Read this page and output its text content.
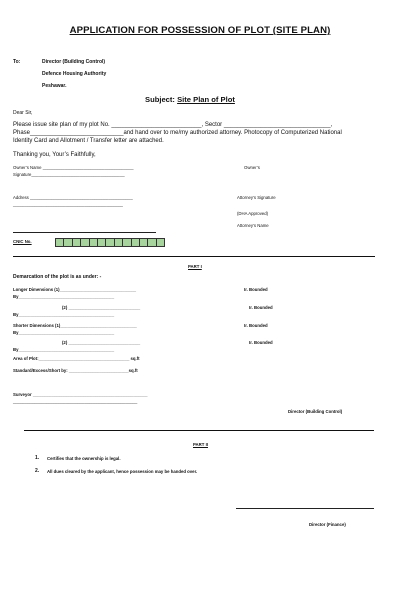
APPLICATION FOR POSSESSION OF PLOT (SITE PLAN)
To:	Director (Building Control)
Defence Housing Authority
Peshawar.
Subject: Site Plan of Plot
Dear Sir,
Please issue site plan of my plot No. ___________________________, Sector ________________________________,
Phase____________________________and hand over to me/my authorized attorney. Photocopy of Computerized National
Identity Card and Allotment / Transfer letter are attached.
Thanking you, Your’s Faithfully,
Owner’s Name ______________________________________	Owner’s
Signature_______________________________________
Address ___________________________________________	Attorney’s Signature
______________________________________________
(DHA Approved)
Attorney’s Name
CNIC No.
PART I
Demarcation of the plot is as under: -
Longer Dimensions (1)________________________________	Ir. Bounded
By________________________________________
(2) ______________________________	Ir. Bounded
By________________________________________
Shorter Dimensions (1)________________________________	Ir. Bounded
By________________________________________
(2) ______________________________	Ir. Bounded
By________________________________________
Area of Plot:______________________________________ sq.ft
Standard/Excess/Short by: _________________________sq.ft
Surveyor ________________________________________________
____________________________________________________
Director (Building Control)
PART II
1. Certifies that the ownership is legal.
2. All dues cleared by the applicant, hence possession may be handed over.
Director (Finance)
